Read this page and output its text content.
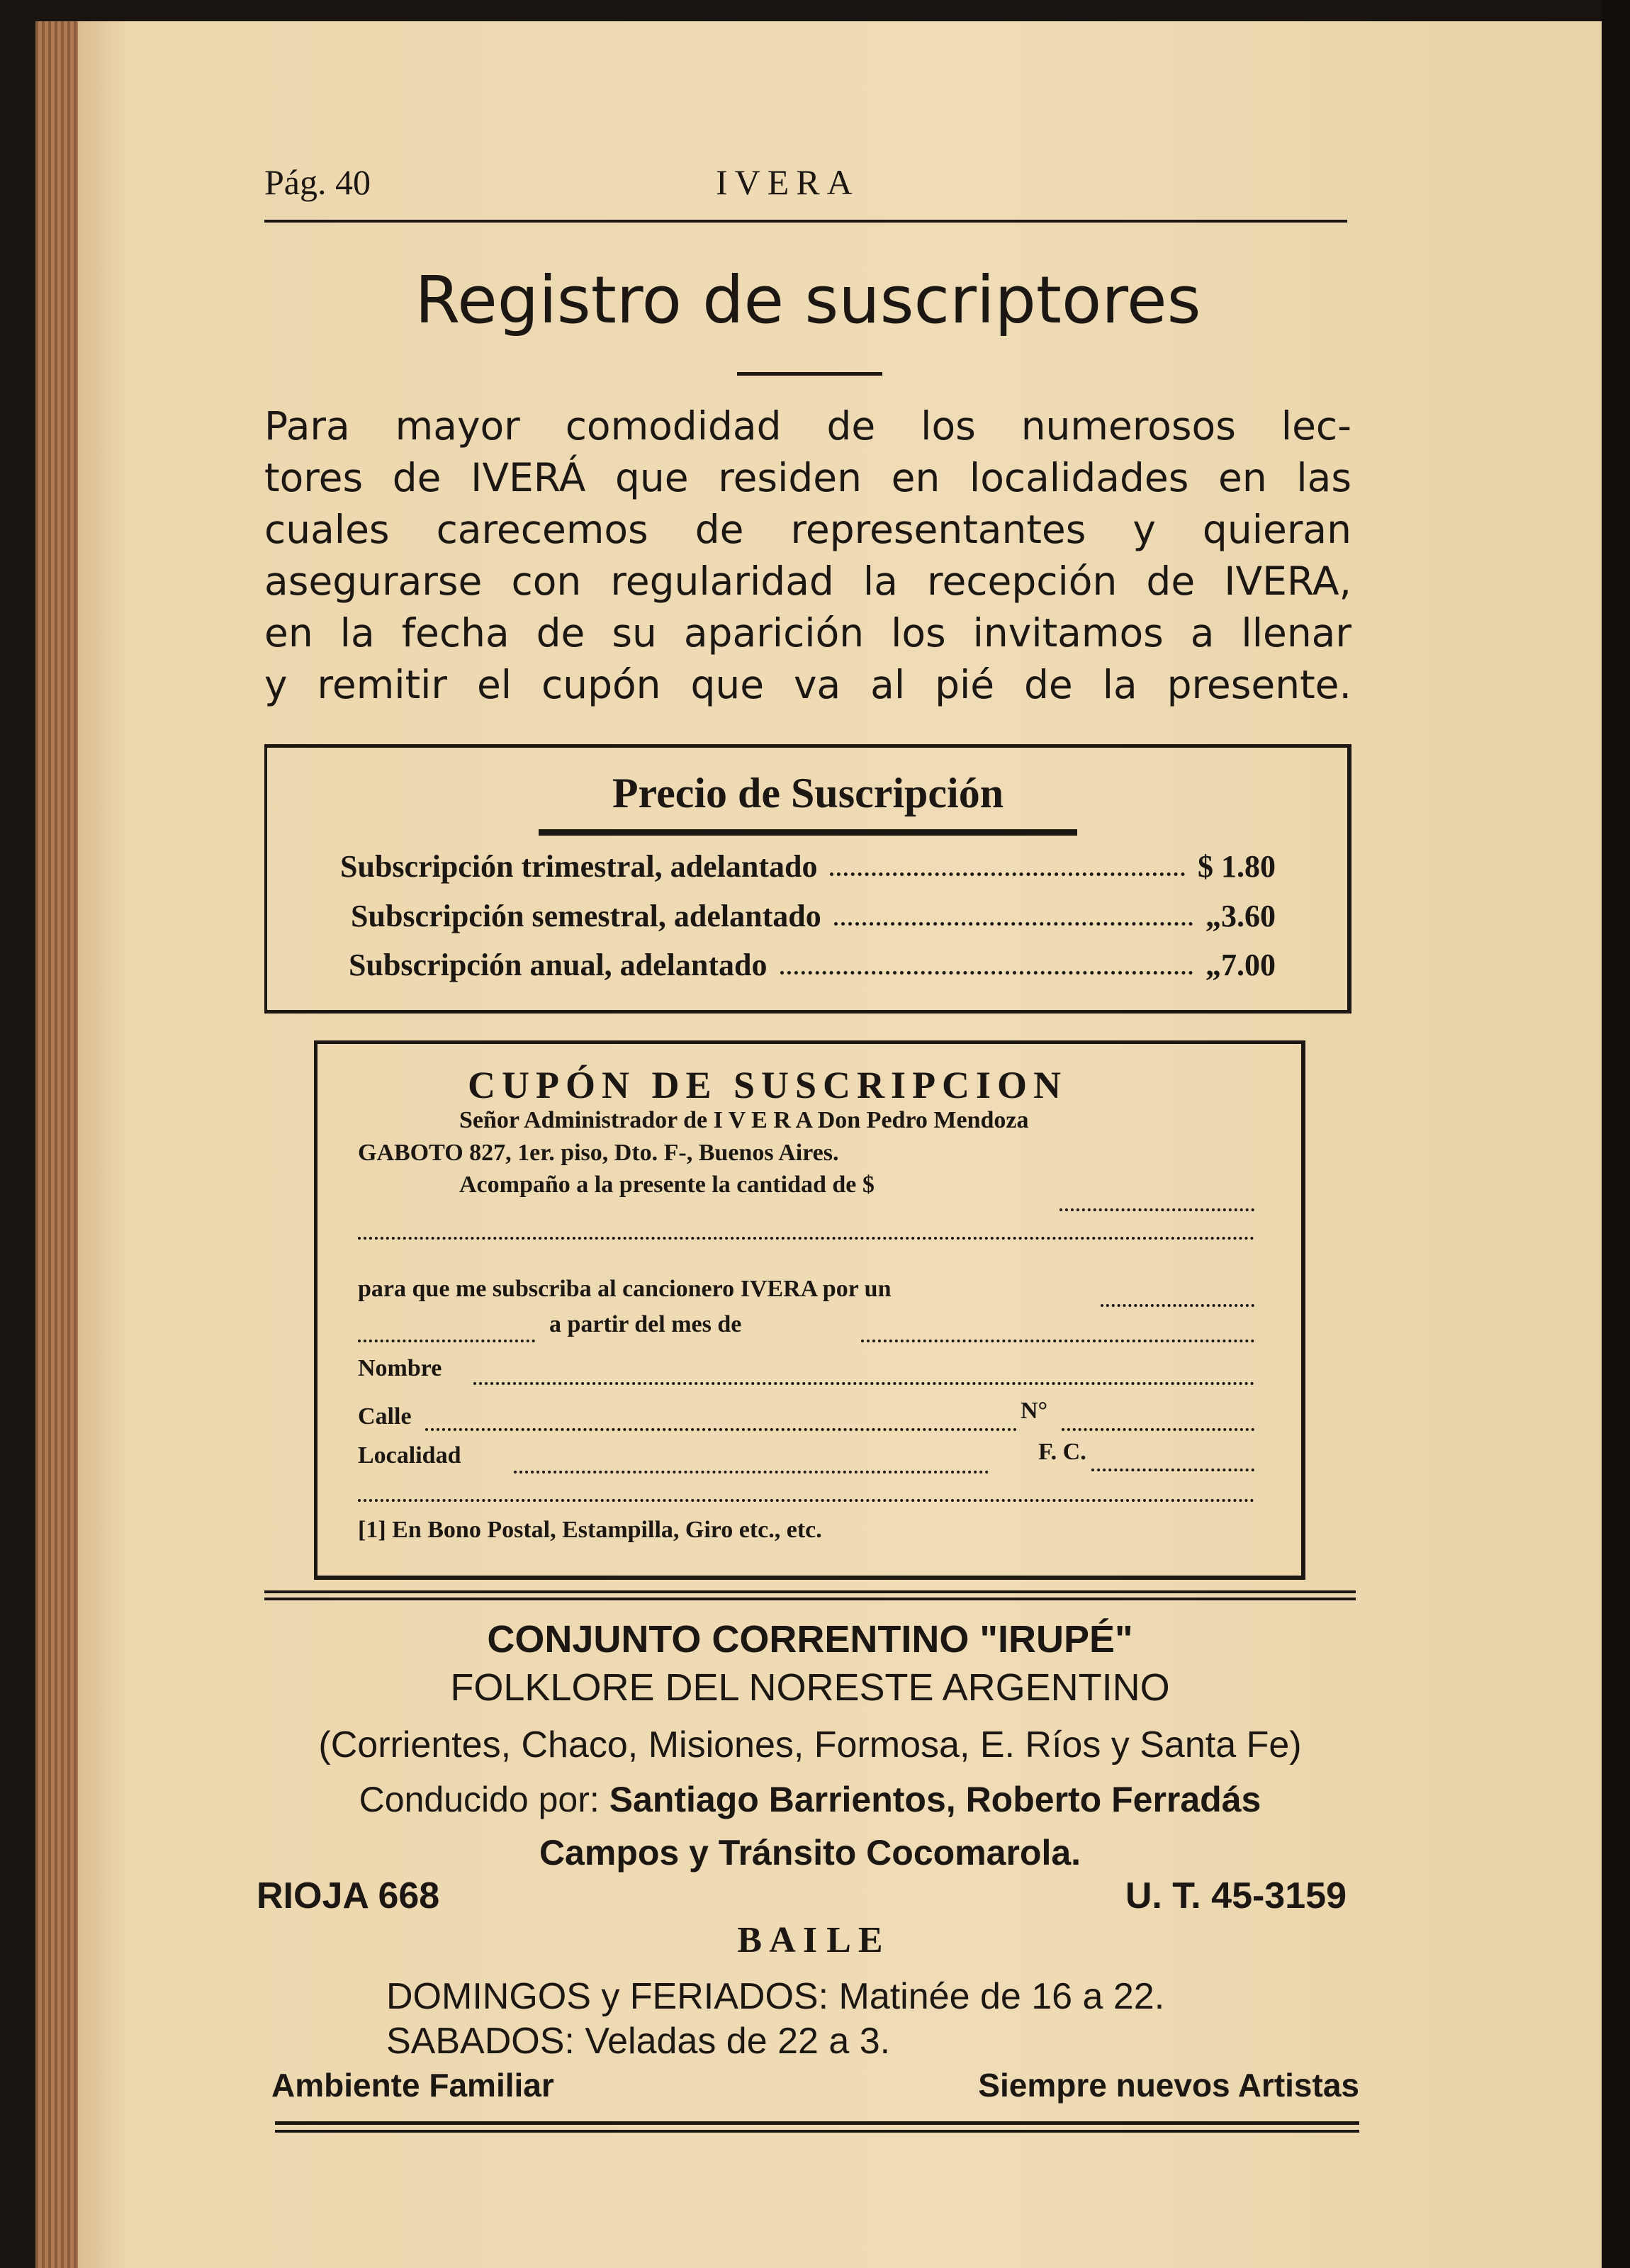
Pág. 40	IVERA
Registro de suscriptores
Para mayor comodidad de los numerosos lec-
tores de IVERÁ que residen en localidades en las
cuales carecemos de representantes y quieran
asegurarse con regularidad la recepción de IVERA,
en la fecha de su aparición los invitamos a llenar
y remitir el cupón que va al pié de la presente.
Precio de Suscripción
Subscripción trimestral, adelantado	$ 1.80
Subscripción semestral, adelantado	„3.60
Subscripción anual, adelantado	„7.00
CUPÓN DE SUSCRIPCION
Señor Administrador de I V E R A Don Pedro Mendoza
GABOTO 827, 1er. piso, Dto. F-, Buenos Aires.
Acompaño a la presente la cantidad de $
para que me subscriba al cancionero IVERA por un
a partir del mes de
Nombre
Calle	N°
Localidad	F. C.
[1] En Bono Postal, Estampilla, Giro etc., etc.
CONJUNTO CORRENTINO "IRUPÉ"
FOLKLORE DEL NORESTE ARGENTINO
(Corrientes, Chaco, Misiones, Formosa, E. Ríos y Santa Fe)
Conducido por: Santiago Barrientos, Roberto Ferradás
Campos y Tránsito Cocomarola.
RIOJA 668	U. T. 45-3159
B A I L E
DOMINGOS y FERIADOS: Matinée de 16 a 22.
SABADOS: Veladas de 22 a 3.
Ambiente Familiar	Siempre nuevos Artistas
